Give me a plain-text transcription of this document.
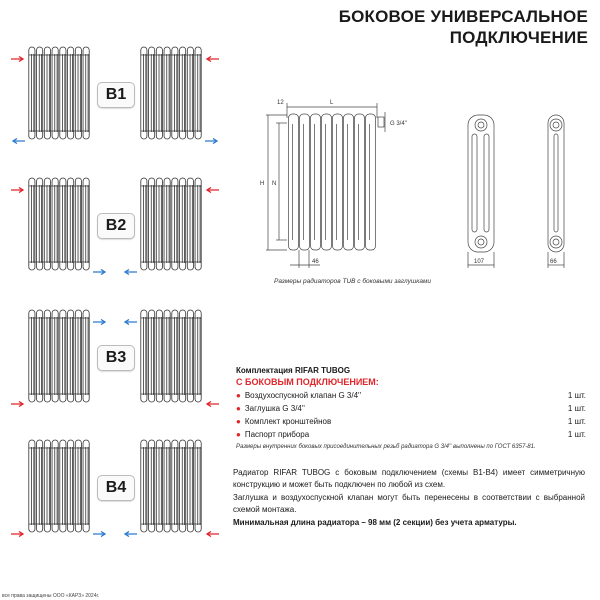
БОКОВОЕ УНИВЕРСАЛЬНОЕ
ПОДКЛЮЧЕНИЕ
B1
B2
B3
B4
12	L
G 3/4''
H N
46	107	66
Размеры радиаторов TUB с боковыми заглушками
Комплектация RIFAR TUBOG
С БОКОВЫМ ПОДКЛЮЧЕНИЕМ:
● Воздухоспускной клапан G 3/4''	1 шт.
● Заглушка G 3/4''	1 шт.
● Комплект кронштейнов	1 шт.
● Паспорт прибора	1 шт.
Размеры внутренних боковых присоединительных резьб радиатора G 3/4'' выполнены по ГОСТ 6357-81.

Радиатор RIFAR TUBOG с боковым подключением (схемы В1-В4) имеет симметричную конструкцию и может быть подключен по любой из схем.

Заглушка и воздухоспускной клапан могут быть перенесены в соответствии с выбранной схемой монтажа.

Минимальная длина радиатора – 98 мм (2 секции) без учета арматуры.

все права защищены ООО «КАРЗ» 2024г.
